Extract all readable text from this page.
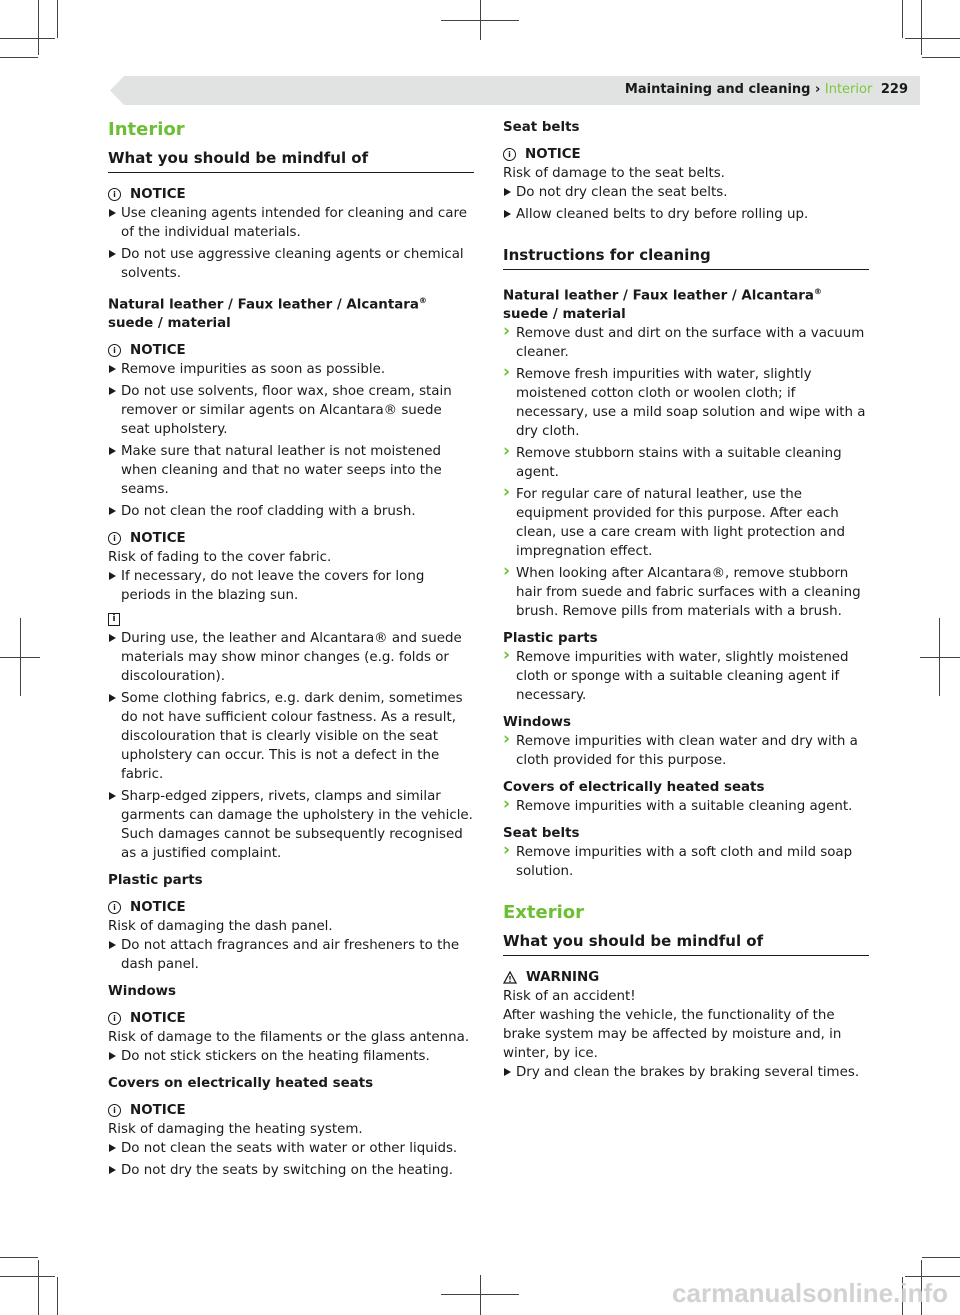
Maintaining and cleaning › Interior 229
Interior
What you should be mindful of
i	NOTICE
Use cleaning agents intended for cleaning and care of the individual materials.
Do not use aggressive cleaning agents or chemical solvents.
Natural leather / Faux leather / Alcantara® suede / material
i	NOTICE
Remove impurities as soon as possible.
Do not use solvents, floor wax, shoe cream, stain remover or similar agents on Alcantara® suede seat upholstery.
Make sure that natural leather is not moistened when cleaning and that no water seeps into the seams.
Do not clean the roof cladding with a brush.
i	NOTICE

Risk of fading to the cover fabric.

If necessary, do not leave the covers for long periods in the blazing sun.
i
During use, the leather and Alcantara® and suede materials may show minor changes (e.g. folds or discolouration).
Some clothing fabrics, e.g. dark denim, sometimes do not have sufficient colour fastness. As a result, discolouration that is clearly visible on the seat upholstery can occur. This is not a defect in the fabric.
Sharp-edged zippers, rivets, clamps and similar garments can damage the upholstery in the vehicle. Such damages cannot be subsequently recognised as a justified complaint.
Plastic parts
i	NOTICE

Risk of damaging the dash panel.

Do not attach fragrances and air fresheners to the dash panel.
Windows
i	NOTICE

Risk of damage to the filaments or the glass antenna.

Do not stick stickers on the heating filaments.
Covers on electrically heated seats
i	NOTICE

Risk of damaging the heating system.

Do not clean the seats with water or other liquids.
Do not dry the seats by switching on the heating.
Seat belts
i	NOTICE

Risk of damage to the seat belts.

Do not dry clean the seat belts.
Allow cleaned belts to dry before rolling up.
Instructions for cleaning
Natural leather / Faux leather / Alcantara® suede / material
› Remove dust and dirt on the surface with a vacuum cleaner.
› Remove fresh impurities with water, slightly moistened cotton cloth or woolen cloth; if necessary, use a mild soap solution and wipe with a dry cloth.
› Remove stubborn stains with a suitable cleaning agent.
› For regular care of natural leather, use the equipment provided for this purpose. After each clean, use a care cream with light protection and impregnation effect.
› When looking after Alcantara®, remove stubborn hair from suede and fabric surfaces with a cleaning brush. Remove pills from materials with a brush.
Plastic parts
› Remove impurities with water, slightly moistened cloth or sponge with a suitable cleaning agent if necessary.
Windows
› Remove impurities with clean water and dry with a cloth provided for this purpose.
Covers of electrically heated seats
› Remove impurities with a suitable cleaning agent.
Seat belts
› Remove impurities with a soft cloth and mild soap solution.
Exterior
What you should be mindful of
WARNING

Risk of an accident!

After washing the vehicle, the functionality of the brake system may be affected by moisture and, in winter, by ice.

Dry and clean the brakes by braking several times.
carmanualsonline.info
